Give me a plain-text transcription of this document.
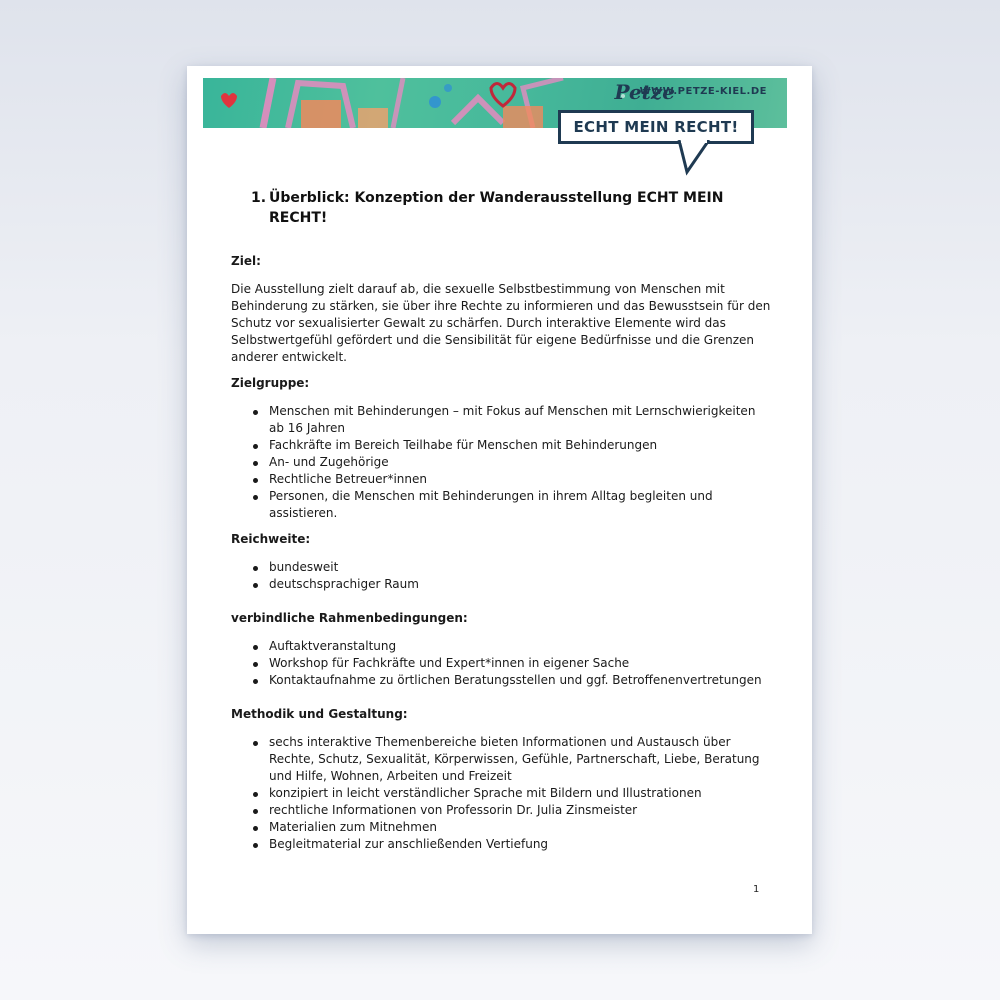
Petze
WWW.PETZE-KIEL.DE
ECHT MEIN RECHT!
1. Überblick: Konzeption der Wanderausstellung ECHT MEIN RECHT!
Ziel:

Die Ausstellung zielt darauf ab, die sexuelle Selbstbestimmung von Menschen mit Behinderung zu stärken, sie über ihre Rechte zu informieren und das Bewusstsein für den Schutz vor sexualisierter Gewalt zu schärfen. Durch interaktive Elemente wird das Selbstwertgefühl gefördert und die Sensibilität für eigene Bedürfnisse und die Grenzen anderer entwickelt.

Zielgruppe:
Menschen mit Behinderungen – mit Fokus auf Menschen mit Lernschwierigkeiten ab 16 Jahren
Fachkräfte im Bereich Teilhabe für Menschen mit Behinderungen
An- und Zugehörige
Rechtliche Betreuer*innen
Personen, die Menschen mit Behinderungen in ihrem Alltag begleiten und assistieren.
Reichweite:
bundesweit
deutschsprachiger Raum
verbindliche Rahmenbedingungen:
Auftaktveranstaltung
Workshop für Fachkräfte und Expert*innen in eigener Sache
Kontaktaufnahme zu örtlichen Beratungsstellen und ggf. Betroffenenvertretungen
Methodik und Gestaltung:
sechs interaktive Themenbereiche bieten Informationen und Austausch über Rechte, Schutz, Sexualität, Körperwissen, Gefühle, Partnerschaft, Liebe, Beratung und Hilfe, Wohnen, Arbeiten und Freizeit
konzipiert in leicht verständlicher Sprache mit Bildern und Illustrationen
rechtliche Informationen von Professorin Dr. Julia Zinsmeister
Materialien zum Mitnehmen
Begleitmaterial zur anschließenden Vertiefung
1
